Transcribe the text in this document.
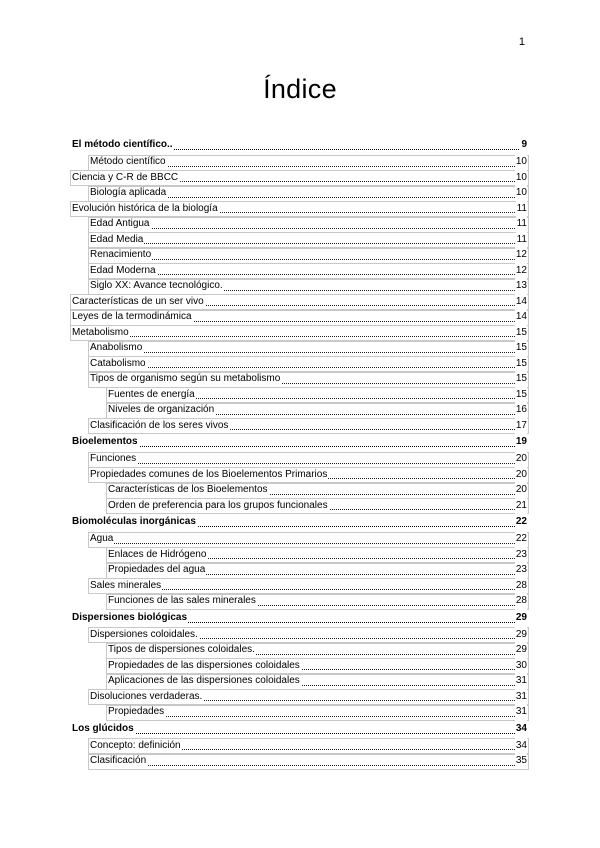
1
Índice
El método científico..	9
Método científico	10
Ciencia y C-R de BBCC	10
Biología aplicada	10
Evolución histórica de la biología	11
Edad Antigua	11
Edad Media	11
Renacimiento	12
Edad Moderna	12
Siglo XX: Avance tecnológico.	13
Características de un ser vivo	14
Leyes de la termodinámica	14
Metabolismo	15
Anabolismo	15
Catabolismo	15
Tipos de organismo según su metabolismo	15
Fuentes de energía	15
Niveles de organización	16
Clasificación de los seres vivos	17
Bioelementos	19
Funciones	20
Propiedades comunes de los Bioelementos Primarios	20
Características de los Bioelementos	20
Orden de preferencia para los grupos funcionales	21
Biomoléculas inorgánicas	22
Agua	22
Enlaces de Hidrógeno	23
Propiedades del agua	23
Sales minerales	28
Funciones de las sales minerales	28
Dispersiones biológicas	29
Dispersiones coloidales.	29
Tipos de dispersiones coloidales.	29
Propiedades de las dispersiones coloidales	30
Aplicaciones de las dispersiones coloidales	31
Disoluciones verdaderas.	31
Propiedades	31
Los glúcidos	34
Concepto: definición	34
Clasificación	35
